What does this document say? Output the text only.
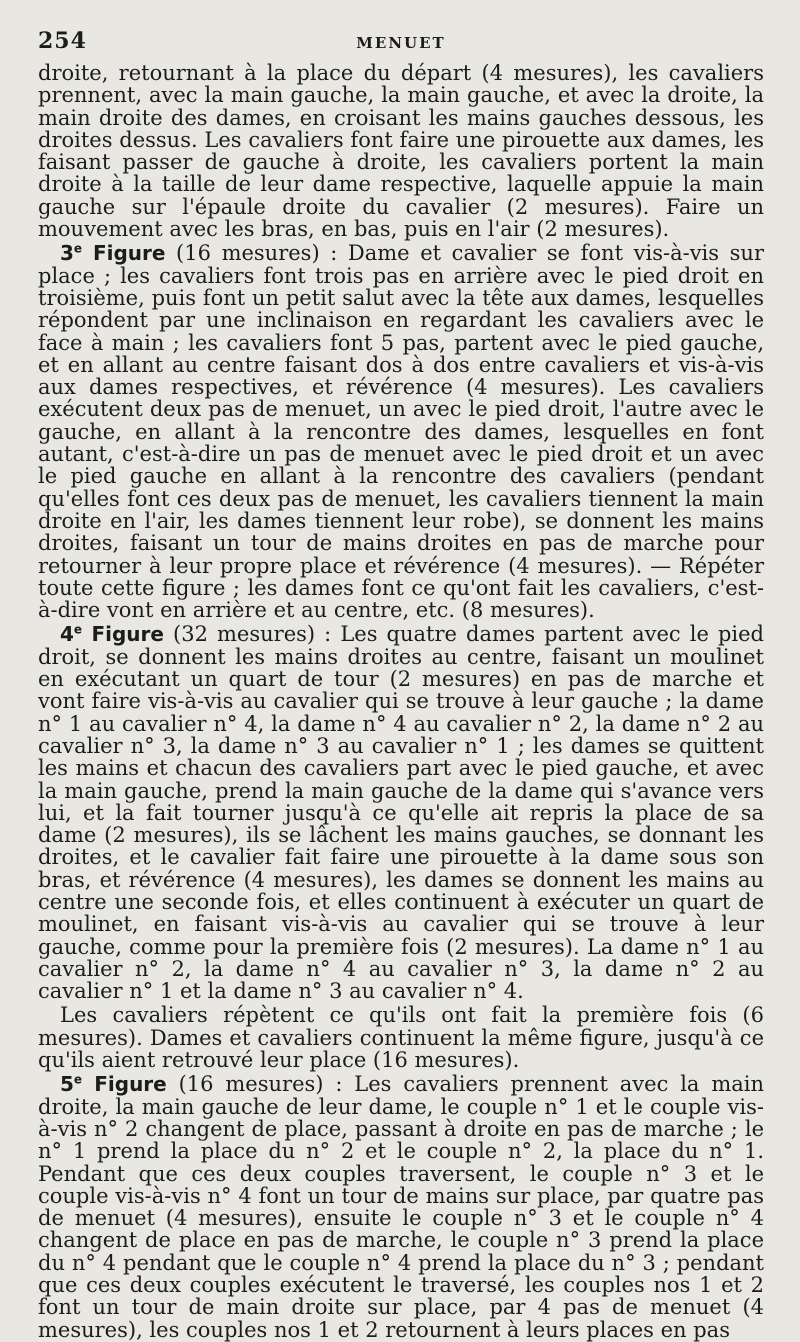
254	MENUET

droite, retournant à la place du départ (4 mesures), les cavaliers prennent, avec la main gauche, la main gauche, et avec la droite, la main droite des dames, en croisant les mains gauches dessous, les droites dessus. Les cavaliers font faire une pirouette aux dames, les faisant passer de gauche à droite, les cavaliers portent la main droite à la taille de leur dame respective, laquelle appuie la main gauche sur l'épaule droite du cavalier (2 mesures). Faire un mouvement avec les bras, en bas, puis en l'air (2 mesures).

3e Figure (16 mesures) : Dame et cavalier se font vis-à-vis sur place ; les cavaliers font trois pas en arrière avec le pied droit en troisième, puis font un petit salut avec la tête aux dames, lesquelles répondent par une inclinaison en regardant les cavaliers avec le face à main ; les cavaliers font 5 pas, partent avec le pied gauche, et en allant au centre faisant dos à dos entre cavaliers et vis-à-vis aux dames respectives, et révérence (4 mesures). Les cavaliers exécutent deux pas de menuet, un avec le pied droit, l'autre avec le gauche, en allant à la rencontre des dames, lesquelles en font autant, c'est-à-dire un pas de menuet avec le pied droit et un avec le pied gauche en allant à la rencontre des cavaliers (pendant qu'elles font ces deux pas de menuet, les cavaliers tiennent la main droite en l'air, les dames tiennent leur robe), se donnent les mains droites, faisant un tour de mains droites en pas de marche pour retourner à leur propre place et révérence (4 mesures). — Répéter toute cette figure ; les dames font ce qu'ont fait les cavaliers, c'est-à-dire vont en arrière et au centre, etc. (8 mesures).

4e Figure (32 mesures) : Les quatre dames partent avec le pied droit, se donnent les mains droites au centre, faisant un moulinet en exécutant un quart de tour (2 mesures) en pas de marche et vont faire vis-à-vis au cavalier qui se trouve à leur gauche ; la dame n° 1 au cavalier n° 4, la dame n° 4 au cavalier n° 2, la dame n° 2 au cavalier n° 3, la dame n° 3 au cavalier n° 1 ; les dames se quittent les mains et chacun des cavaliers part avec le pied gauche, et avec la main gauche, prend la main gauche de la dame qui s'avance vers lui, et la fait tourner jusqu'à ce qu'elle ait repris la place de sa dame (2 mesures), ils se lâchent les mains gauches, se donnant les droites, et le cavalier fait faire une pirouette à la dame sous son bras, et révérence (4 mesures), les dames se donnent les mains au centre une seconde fois, et elles continuent à exécuter un quart de moulinet, en faisant vis-à-vis au cavalier qui se trouve à leur gauche, comme pour la première fois (2 mesures). La dame n° 1 au cavalier n° 2, la dame n° 4 au cavalier n° 3, la dame n° 2 au cavalier n° 1 et la dame n° 3 au cavalier n° 4.

Les cavaliers répètent ce qu'ils ont fait la première fois (6 mesures). Dames et cavaliers continuent la même figure, jusqu'à ce qu'ils aient retrouvé leur place (16 mesures).

5e Figure (16 mesures) : Les cavaliers prennent avec la main droite, la main gauche de leur dame, le couple n° 1 et le couple vis-à-vis n° 2 changent de place, passant à droite en pas de marche ; le n° 1 prend la place du n° 2 et le couple n° 2, la place du n° 1. Pendant que ces deux couples traversent, le couple n° 3 et le couple vis-à-vis n° 4 font un tour de mains sur place, par quatre pas de menuet (4 mesures), ensuite le couple n° 3 et le couple n° 4 changent de place en pas de marche, le couple n° 3 prend la place du n° 4 pendant que le couple n° 4 prend la place du n° 3 ; pendant que ces deux couples exécutent le traversé, les couples nos 1 et 2 font un tour de main droite sur place, par 4 pas de menuet (4 mesures), les couples nos 1 et 2 retournent à leurs places en pas
